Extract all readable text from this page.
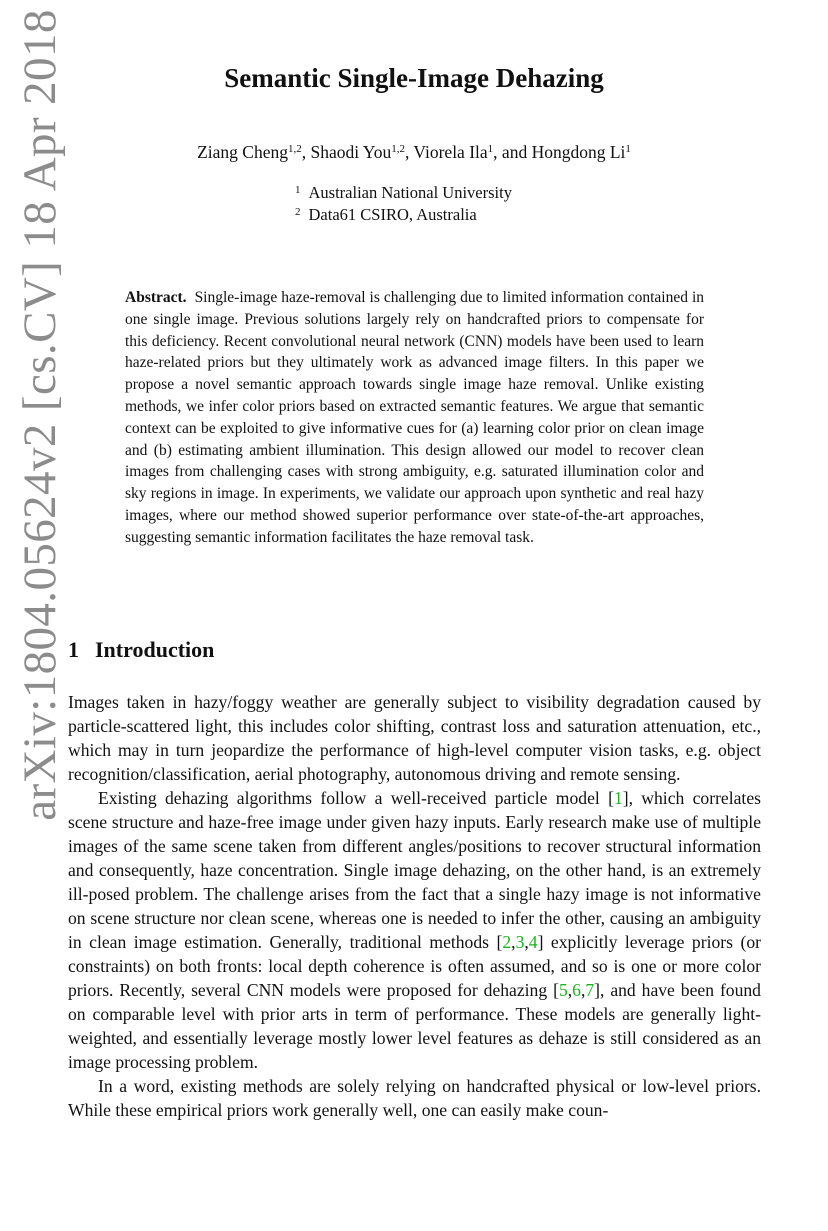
arXiv:1804.05624v2 [cs.CV] 18 Apr 2018	Semantic Single-Image Dehazing
Ziang Cheng$^{1,2}$, Shaodi You$^{1,2}$, Viorela Ila$^1$, and Hongdong Li$^1$
$^1$ Australian National University
$^2$ Data61 CSIRO, Australia
Abstract. Single-image haze-removal is challenging due to limited information contained in one single image. Previous solutions largely rely on handcrafted priors to compensate for this deficiency. Recent convolutional neural network (CNN) models have been used to learn haze-related priors but they ultimately work as advanced image filters. In this paper we propose a novel semantic approach towards single image haze removal. Unlike existing methods, we infer color priors based on extracted semantic features. We argue that semantic context can be exploited to give informative cues for (a) learning color prior on clean image and (b) estimating ambient illumination. This design allowed our model to recover clean images from challenging cases with strong ambiguity, e.g. saturated illumination color and sky regions in image. In experiments, we validate our approach upon synthetic and real hazy images, where our method showed superior performance over state-of-the-art approaches, suggesting semantic information facilitates the haze removal task.
1 Introduction

Images taken in hazy/foggy weather are generally subject to visibility degradation caused by particle-scattered light, this includes color shifting, contrast loss and saturation attenuation, etc., which may in turn jeopardize the performance of high-level computer vision tasks, e.g. object recognition/classification, aerial photography, autonomous driving and remote sensing.

Existing dehazing algorithms follow a well-received particle model [1], which correlates scene structure and haze-free image under given hazy inputs. Early research make use of multiple images of the same scene taken from different angles/positions to recover structural information and consequently, haze concentration. Single image dehazing, on the other hand, is an extremely ill-posed problem. The challenge arises from the fact that a single hazy image is not informative on scene structure nor clean scene, whereas one is needed to infer the other, causing an ambiguity in clean image estimation. Generally, traditional methods [2,3,4] explicitly leverage priors (or constraints) on both fronts: local depth coherence is often assumed, and so is one or more color priors. Recently, several CNN models were proposed for dehazing [5,6,7], and have been found on comparable level with prior arts in term of performance. These models are generally light-weighted, and essentially leverage mostly lower level features as dehaze is still considered as an image processing problem.

In a word, existing methods are solely relying on handcrafted physical or low-level priors. While these empirical priors work generally well, one can easily make coun-
